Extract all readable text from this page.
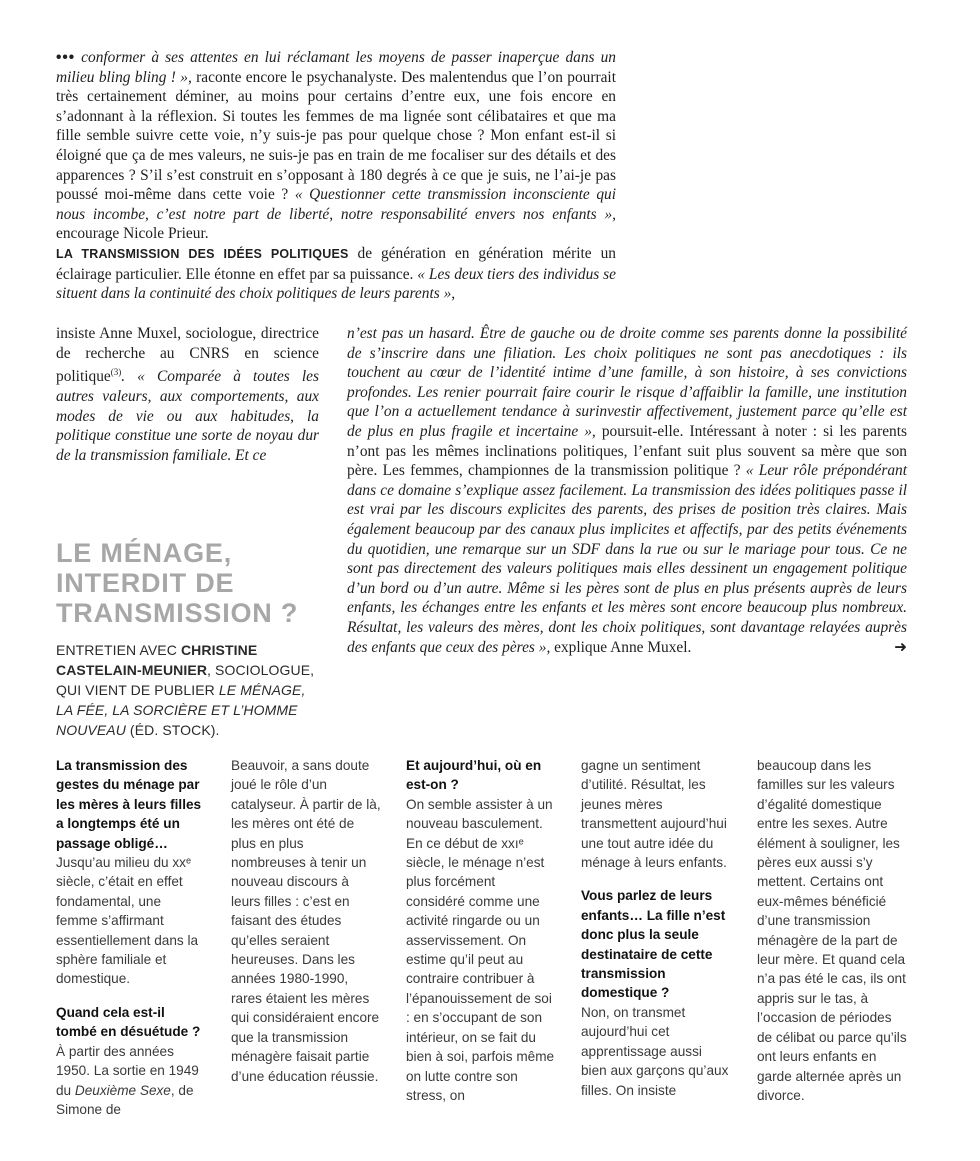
••• conformer à ses attentes en lui réclamant les moyens de passer inaperçue dans un milieu bling bling ! », raconte encore le psychanalyste. Des malentendus que l’on pourrait très certainement déminer, au moins pour certains d’entre eux, une fois encore en s’adonnant à la réflexion. Si toutes les femmes de ma lignée sont célibataires et que ma fille semble suivre cette voie, n’y suis-je pas pour quelque chose ? Mon enfant est-il si éloigné que ça de mes valeurs, ne suis-je pas en train de me focaliser sur des détails et des apparences ? S’il s’est construit en s’opposant à 180 degrés à ce que je suis, ne l’ai-je pas poussé moi-même dans cette voie ? « Questionner cette transmission inconsciente qui nous incombe, c’est notre part de liberté, notre responsabilité envers nos enfants », encourage Nicole Prieur.
LA TRANSMISSION DES IDÉES POLITIQUES de génération en génération mérite un éclairage particulier. Elle étonne en effet par sa puissance. « Les deux tiers des individus se situent dans la continuité des choix politiques de leurs parents »,
insiste Anne Muxel, sociologue, directrice de recherche au CNRS en science politique$^{(3)}$. « Comparée à toutes les autres valeurs, aux comportements, aux modes de vie ou aux habitudes, la politique constitue une sorte de noyau dur de la transmission familiale. Et ce
n’est pas un hasard. Être de gauche ou de droite comme ses parents donne la possibilité de s’inscrire dans une filiation. Les choix politiques ne sont pas anecdotiques : ils touchent au cœur de l’identité intime d’une famille, à son histoire, à ses convictions profondes. Les renier pourrait faire courir le risque d’affaiblir la famille, une institution que l’on a actuellement tendance à surinvestir affectivement, justement parce qu’elle est de plus en plus fragile et incertaine », poursuit-elle. Intéressant à noter : si les parents n’ont pas les mêmes inclinations politiques, l’enfant suit plus souvent sa mère que son père. Les femmes, championnes de la transmission politique ? « Leur rôle prépondérant dans ce domaine s’explique assez facilement. La transmission des idées politiques passe il est vrai par les discours explicites des parents, des prises de position très claires. Mais également beaucoup par des canaux plus implicites et affectifs, par des petits événements du quotidien, une remarque sur un SDF dans la rue ou sur le mariage pour tous. Ce ne sont pas directement des valeurs politiques mais elles dessinent un engagement politique d’un bord ou d’un autre. Même si les pères sont de plus en plus présents auprès de leurs enfants, les échanges entre les enfants et les mères sont encore beaucoup plus nombreux. Résultat, les valeurs des mères, dont les choix politiques, sont davantage relayées auprès des enfants que ceux des pères », explique Anne Muxel.	➜
LE MÉNAGE, INTERDIT DE TRANSMISSION ?
ENTRETIEN AVEC CHRISTINE CASTELAIN-MEUNIER, SOCIOLOGUE, QUI VIENT DE PUBLIER LE MÉNAGE, LA FÉE, LA SORCIÈRE ET L’HOMME NOUVEAU (ÉD. STOCK).
La transmission des gestes du ménage par les mères à leurs filles a longtemps été un passage obligé…
Jusqu’au milieu du xxᵉ siècle, c’était en effet fondamental, une femme s’affirmant essentiellement dans la sphère familiale et domestique.
Quand cela est-il tombé en désuétude ?
À partir des années 1950. La sortie en 1949 du Deuxième Sexe, de Simone de
Beauvoir, a sans doute joué le rôle d’un catalyseur. À partir de là, les mères ont été de plus en plus nombreuses à tenir un nouveau discours à leurs filles : c’est en faisant des études qu’elles seraient heureuses. Dans les années 1980-1990, rares étaient les mères qui considéraient encore que la transmission ménagère faisait partie d’une éducation réussie.
Et aujourd’hui, où en est-on ?
On semble assister à un nouveau basculement. En ce début de xxıᵉ siècle, le ménage n’est plus forcément considéré comme une activité ringarde ou un asservissement. On estime qu’il peut au contraire contribuer à l’épanouissement de soi : en s’occupant de son intérieur, on se fait du bien à soi, parfois même on lutte contre son stress, on
gagne un sentiment d’utilité. Résultat, les jeunes mères transmettent aujourd’hui une tout autre idée du ménage à leurs enfants.
Vous parlez de leurs enfants… La fille n’est donc plus la seule destinataire de cette transmission domestique ?
Non, on transmet aujourd’hui cet apprentissage aussi bien aux garçons qu’aux filles. On insiste
beaucoup dans les familles sur les valeurs d’égalité domestique entre les sexes. Autre élément à souligner, les pères eux aussi s’y mettent. Certains ont eux-mêmes bénéficié d’une transmission ménagère de la part de leur mère. Et quand cela n’a pas été le cas, ils ont appris sur le tas, à l’occasion de périodes de célibat ou parce qu’ils ont leurs enfants en garde alternée après un divorce.
